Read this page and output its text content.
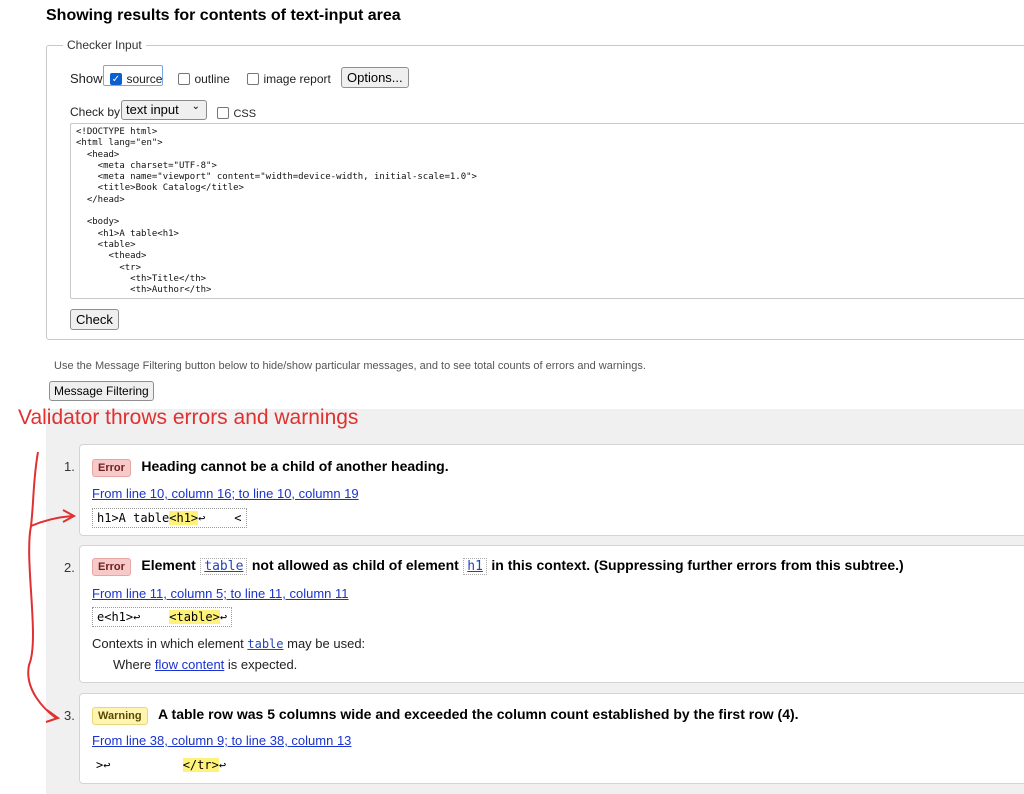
Showing results for contents of text-input area
Checker Input
Show ✓ source	outline	image report	Options...
Check by text input ⌄
CSS
<!DOCTYPE html>
<html lang="en">
<head>
<meta charset="UTF-8">
<meta name="viewport" content="width=device-width, initial-scale=1.0">
<title>Book Catalog</title>
</head>
<body>
<h1>A table<h1>
<table>
<thead>
<tr>
<th>Title</th>
<th>Author</th>
Check
Use the Message Filtering button below to hide/show particular messages, and to see total counts of errors and warnings.
Message Filtering
Validator throws errors and warnings
1.	Error Heading cannot be a child of another heading.
From line 10, column 16; to line 10, column 19
h1>A table<h1>↩    <
2.	Error Element table not allowed as child of element h1 in this context. (Suppressing further errors from this subtree.)
From line 11, column 5; to line 11, column 11
e<h1>↩    <table>↩
Contexts in which element table may be used:
Where flow content is expected.
3.	Warning A table row was 5 columns wide and exceeded the column count established by the first row (4).
From line 38, column 9; to line 38, column 13
>↩          </tr>↩
